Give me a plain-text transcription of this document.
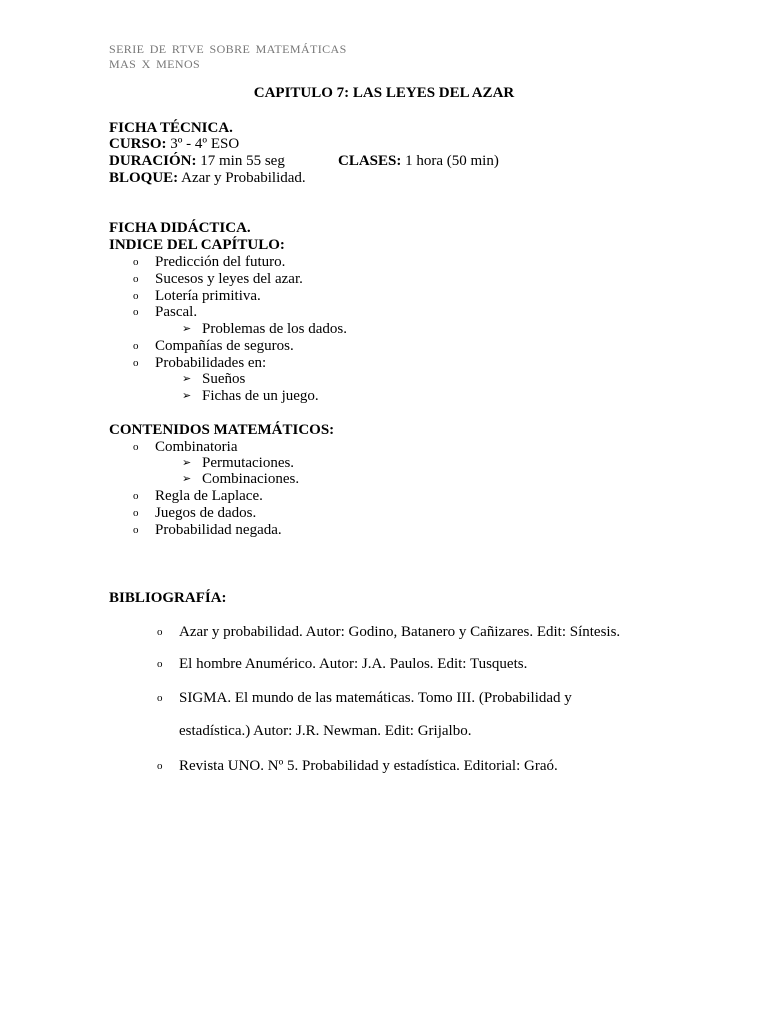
SERIE DE RTVE SOBRE MATEMÁTICAS
MAS X MENOS
CAPITULO 7: LAS LEYES DEL AZAR
FICHA TÉCNICA.
CURSO: 3º - 4º ESO
DURACIÓN: 17 min 55 seg	CLASES: 1 hora (50 min)
BLOQUE: Azar y Probabilidad.
FICHA DIDÁCTICA.
INDICE DEL CAPÍTULO:
o Predicción del futuro.
o Sucesos y leyes del azar.
o Lotería primitiva.
o Pascal.
➢ Problemas de los dados.
o Compañías de seguros.
o Probabilidades en:
➢ Sueños
➢ Fichas de un juego.
CONTENIDOS MATEMÁTICOS:
o Combinatoria
➢ Permutaciones.
➢ Combinaciones.
o Regla de Laplace.
o Juegos de dados.
o Probabilidad negada.
BIBLIOGRAFÍA:
o Azar y probabilidad. Autor: Godino, Batanero y Cañizares. Edit: Síntesis.
o El hombre Anumérico. Autor: J.A. Paulos. Edit: Tusquets.
o SIGMA. El mundo de las matemáticas. Tomo III. (Probabilidad y
estadística.) Autor: J.R. Newman. Edit: Grijalbo.
o Revista UNO. Nº 5. Probabilidad y estadística. Editorial: Graó.
